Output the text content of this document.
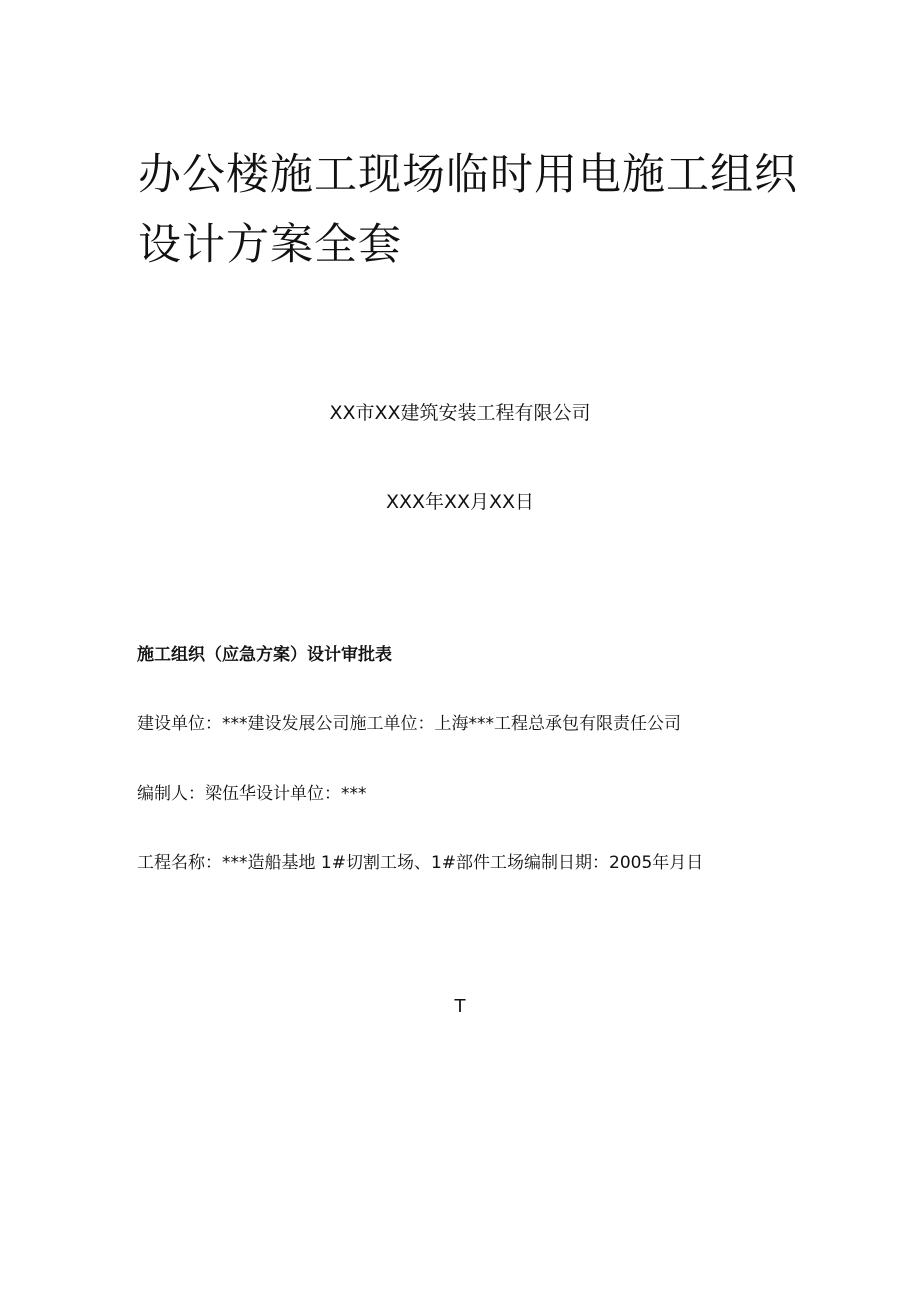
办公楼施工现场临时用电施工组织
设计方案全套
XX市XX建筑安装工程有限公司
XXX年XX月XX日
施工组织（应急方案）设计审批表
建设单位：***建设发展公司施工单位：上海***工程总承包有限责任公司
编制人：梁伍华设计单位：***
工程名称：***造船基地 1#切割工场、1#部件工场编制日期：2005年月日
T
